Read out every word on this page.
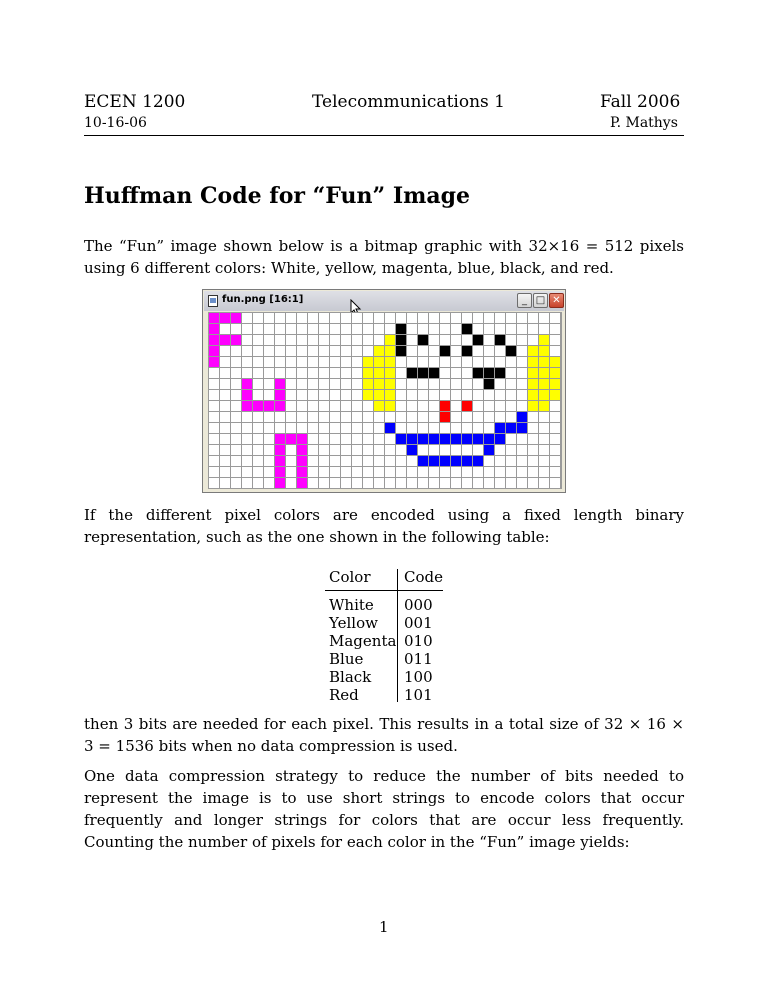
ECEN 1200	Telecommunications 1	Fall 2006
10-16-06	P. Mathys
Huffman Code for “Fun” Image
The “Fun” image shown below is a bitmap graphic with 32×16 = 512 pixels using 6 different colors: White, yellow, magenta, blue, black, and red.
fun.png [16:1]	_ □ ✕
If the different pixel colors are encoded using a fixed length binary representation, such as the one shown in the following table:
Color Code
White 000
Yellow 001
Magenta 010
Blue	011
Black 100
Red	101
then 3 bits are needed for each pixel. This results in a total size of 32 × 16 × 3 = 1536 bits when no data compression is used.
One data compression strategy to reduce the number of bits needed to represent the image is to use short strings to encode colors that occur frequently and longer strings for colors that are occur less frequently. Counting the number of pixels for each color in the “Fun” image yields:
1
